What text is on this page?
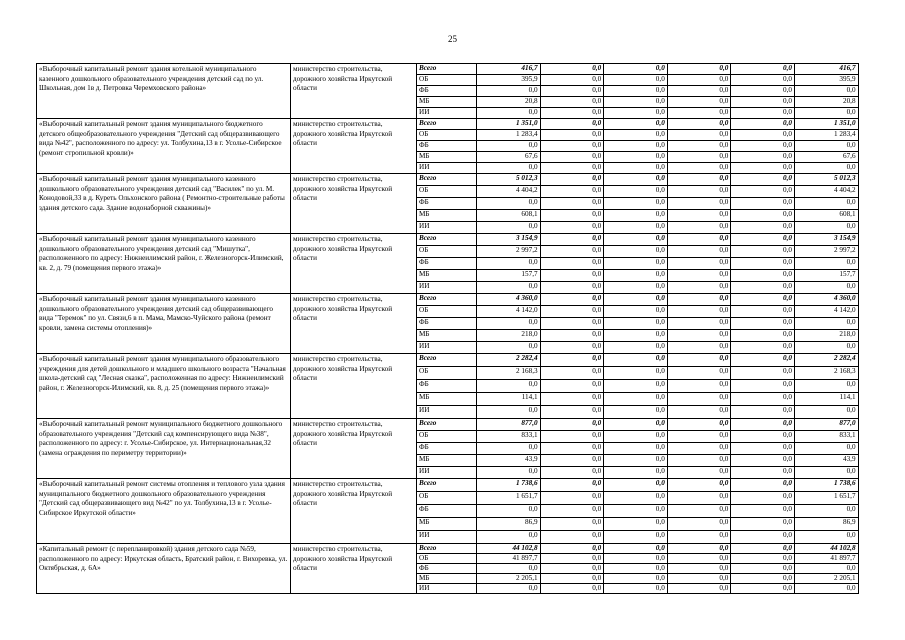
25
«Выборочный капитальный ремонт здания котельной муниципального казенного дошкольного образовательного учреждения детский сад по ул. Школьная, дом 1в д. Петровка Черемховского района»	министерство строительства, дорожного хозяйства Иркутской области	Всего	416,7	0,0	0,0	0,0	0,0	416,7
		ОБ	395,9	0,0	0,0	0,0	0,0	395,9
		ФБ	0,0	0,0	0,0	0,0	0,0	0,0
		МБ	20,8	0,0	0,0	0,0	0,0	20,8
		ИИ	0,0	0,0	0,0	0,0	0,0	0,0
«Выборочный капитальный ремонт здания муниципального бюджетного детского общеобразовательного учреждения "Детский сад общеразвивающего вида №42", расположенного по адресу: ул. Толбухина,13 в г. Усолье-Сибирское (ремонт стропильной кровли)»	министерство строительства, дорожного хозяйства Иркутской области	Всего	1 351,0	0,0	0,0	0,0	0,0	1 351,0
		ОБ	1 283,4	0,0	0,0	0,0	0,0	1 283,4
		ФБ	0,0	0,0	0,0	0,0	0,0	0,0
		МБ	67,6	0,0	0,0	0,0	0,0	67,6
		ИИ	0,0	0,0	0,0	0,0	0,0	0,0
«Выборочный капитальный ремонт здания муниципального казенного дошкольного образовательного учреждения детский сад "Василек" по ул. М. Конодовой,33 в д. Куреть Ольхонского района ( Ремонтно-строительные работы здания детского сада. Здание водонаборной скважины)»	министерство строительства, дорожного хозяйства Иркутской области	Всего	5 012,3	0,0	0,0	0,0	0,0	5 012,3
		ОБ	4 404,2	0,0	0,0	0,0	0,0	4 404,2
		ФБ	0,0	0,0	0,0	0,0	0,0	0,0
		МБ	608,1	0,0	0,0	0,0	0,0	608,1
		ИИ	0,0	0,0	0,0	0,0	0,0	0,0
«Выборочный капитальный ремонт здания муниципального казенного дошкольного образовательного учреждения детский сад "Мишутка", расположенного по адресу: Нижнеилимский район, г. Железногорск-Илимский, кв. 2, д. 79 (помещения первого этажа)»	министерство строительства, дорожного хозяйства Иркутской области	Всего	3 154,9	0,0	0,0	0,0	0,0	3 154,9
		ОБ	2 997,2	0,0	0,0	0,0	0,0	2 997,2
		ФБ	0,0	0,0	0,0	0,0	0,0	0,0
		МБ	157,7	0,0	0,0	0,0	0,0	157,7
		ИИ	0,0	0,0	0,0	0,0	0,0	0,0
«Выборочный капитальный ремонт здания муниципального казенного дошкольного образовательного учреждения детский сад общеразвивающего вида "Теремок" по ул. Связи,6 в п. Мама, Мамско-Чуйского района (ремонт кровли, замена системы отопления)»	министерство строительства, дорожного хозяйства Иркутской области	Всего	4 360,0	0,0	0,0	0,0	0,0	4 360,0
		ОБ	4 142,0	0,0	0,0	0,0	0,0	4 142,0
		ФБ	0,0	0,0	0,0	0,0	0,0	0,0
		МБ	218,0	0,0	0,0	0,0	0,0	218,0
		ИИ	0,0	0,0	0,0	0,0	0,0	0,0
«Выборочный капитальный ремонт здания муниципального образовательного учреждения для детей дошкольного и младшего школьного возраста "Начальная школа-детский сад "Лесная сказка", расположенная по адресу: Нижнеилимский район, г. Железногорск-Илимский, кв. 8, д. 25 (помещения первого этажа)»	министерство строительства, дорожного хозяйства Иркутской области	Всего	2 282,4	0,0	0,0	0,0	0,0	2 282,4
		ОБ	2 168,3	0,0	0,0	0,0	0,0	2 168,3
		ФБ	0,0	0,0	0,0	0,0	0,0	0,0
		МБ	114,1	0,0	0,0	0,0	0,0	114,1
		ИИ	0,0	0,0	0,0	0,0	0,0	0,0
«Выборочный капитальный ремонт муниципального бюджетного дошкольного образовательного учреждения "Детский сад компенсирующего вида №38", расположенного по адресу: г. Усолье-Сибирское, ул. Интернациональная,32 (замена ограждения по периметру территории)»	министерство строительства, дорожного хозяйства Иркутской области	Всего	877,0	0,0	0,0	0,0	0,0	877,0
		ОБ	833,1	0,0	0,0	0,0	0,0	833,1
		ФБ	0,0	0,0	0,0	0,0	0,0	0,0
		МБ	43,9	0,0	0,0	0,0	0,0	43,9
		ИИ	0,0	0,0	0,0	0,0	0,0	0,0
«Выборочный капитальный ремонт системы отопления и теплового узла здания муниципального бюджетного дошкольного образовательного учреждения "Детский сад общеразвивающего вид №42" по ул. Толбухина,13 в г. Усолье-Сибирское Иркутской области»	министерство строительства, дорожного хозяйства Иркутской области	Всего	1 738,6	0,0	0,0	0,0	0,0	1 738,6
		ОБ	1 651,7	0,0	0,0	0,0	0,0	1 651,7
		ФБ	0,0	0,0	0,0	0,0	0,0	0,0
		МБ	86,9	0,0	0,0	0,0	0,0	86,9
		ИИ	0,0	0,0	0,0	0,0	0,0	0,0
«Капитальный ремонт (с перепланировкой) здания детского сада №59, расположенного по адресу: Иркутская область, Братский район, г. Вихоревка, ул. Октябрьская, д. 6А»	министерство строительства, дорожного хозяйства Иркутской области	Всего	44 102,8	0,0	0,0	0,0	0,0	44 102,8
		ОБ	41 897,7	0,0	0,0	0,0	0,0	41 897,7
		ФБ	0,0	0,0	0,0	0,0	0,0	0,0
		МБ	2 205,1	0,0	0,0	0,0	0,0	2 205,1
		ИИ	0,0	0,0	0,0	0,0	0,0	0,0
